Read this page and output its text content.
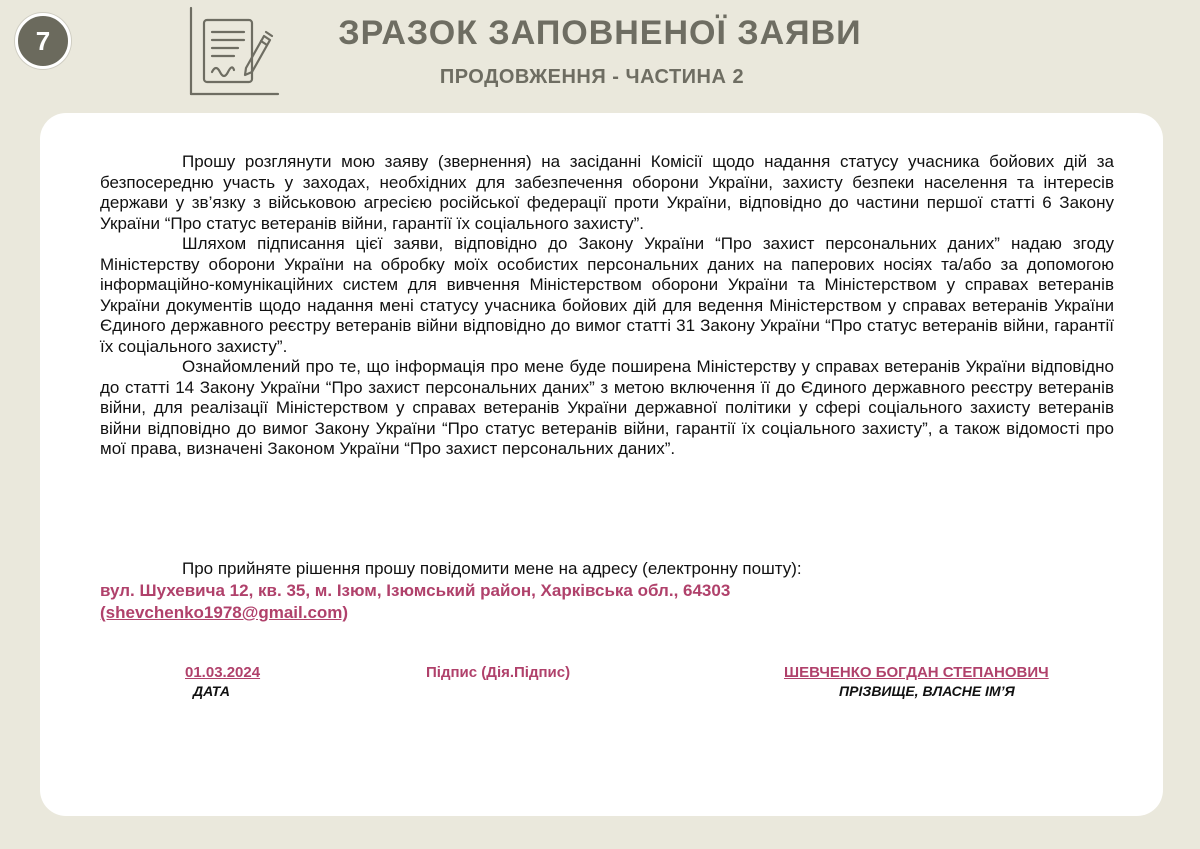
7	ЗРАЗОК ЗАПОВНЕНОЇ ЗАЯВИ
ПРОДОВЖЕННЯ - ЧАСТИНА 2

Прошу розглянути мою заяву (звернення) на засіданні Комісії щодо надання статусу учасника бойових дій за безпосередню участь у заходах, необхідних для забезпечення оборони України, захисту безпеки населення та інтересів держави у зв’язку з військовою агресією російської федерації проти України, відповідно до частини першої статті 6 Закону України “Про статус ветеранів війни, гарантії їх соціального захисту”.

Шляхом підписання цієї заяви, відповідно до Закону України “Про захист персональних даних” надаю згоду Міністерству оборони України на обробку моїх особистих персональних даних на паперових носіях та/або за допомогою інформаційно-комунікаційних систем для вивчення Міністерством оборони України та Міністерством у справах ветеранів України документів щодо надання мені статусу учасника бойових дій для ведення Міністерством у справах ветеранів України Єдиного державного реєстру ветеранів війни відповідно до вимог статті 31 Закону України “Про статус ветеранів війни, гарантії їх соціального захисту”.

Ознайомлений про те, що інформація про мене буде поширена Міністерству у справах ветеранів України відповідно до статті 14 Закону України “Про захист персональних даних” з метою включення її до Єдиного державного реєстру ветеранів війни, для реалізації Міністерством у справах ветеранів України державної політики у сфері соціального захисту ветеранів війни відповідно до вимог Закону України “Про статус ветеранів війни, гарантії їх соціального захисту”, а також відомості про мої права, визначені Законом України “Про захист персональних даних”.

Про прийняте рішення прошу повідомити мене на адресу (електронну пошту):

вул. Шухевича 12, кв. 35, м. Ізюм, Ізюмський район, Харківська обл., 64303

(shevchenko1978@gmail.com)

01.03.2024
ДАТА
Підпис (Дія.Підпис)	ШЕВЧЕНКО БОГДАН СТЕПАНОВИЧ
ПРІЗВИЩЕ, ВЛАСНЕ ІМ’Я
